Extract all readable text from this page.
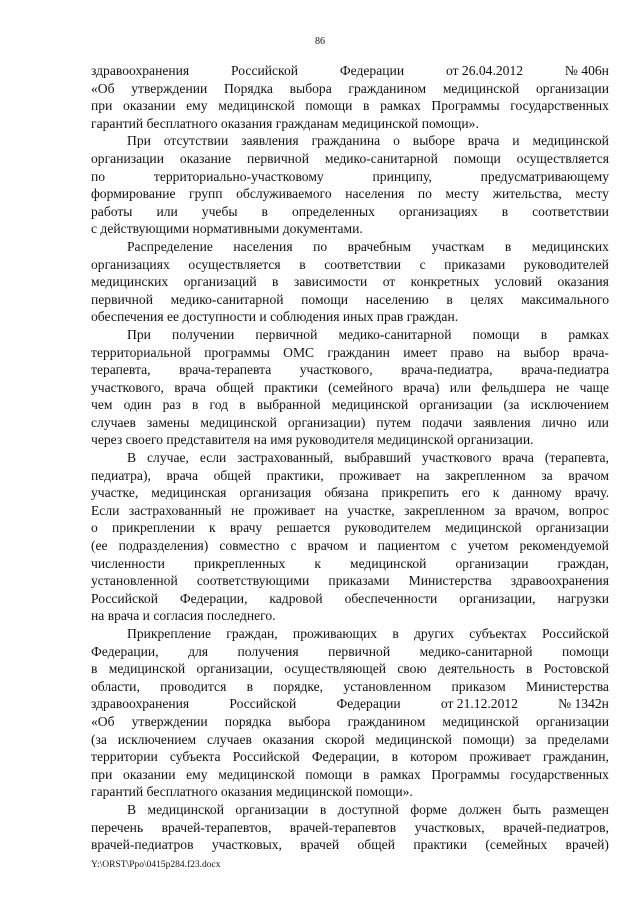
86
здравоохранения	Российской	Федерации	от 26.04.2012	№ 406н
«Об утверждении Порядка выбора гражданином медицинской организации
при оказании ему медицинской помощи в рамках Программы государственных
гарантий бесплатного оказания гражданам медицинской помощи».
При отсутствии заявления гражданина о выборе врача и медицинской
организации оказание первичной медико-санитарной помощи осуществляется
по	территориально-участковому	принципу,	предусматривающему
формирование групп обслуживаемого населения по месту жительства, месту
работы или учебы в определенных организациях в соответствии
с действующими нормативными документами.
Распределение населения по врачебным участкам в медицинских
организациях осуществляется в соответствии с приказами руководителей
медицинских организаций в зависимости от конкретных условий оказания
первичной медико-санитарной помощи населению в целях максимального
обеспечения ее доступности и соблюдения иных прав граждан.
При получении первичной медико-санитарной помощи в рамках
территориальной программы ОМС гражданин имеет право на выбор врача-
терапевта, врача-терапевта участкового, врача-педиатра, врача-педиатра
участкового, врача общей практики (семейного врача) или фельдшера не чаще
чем один раз в год в выбранной медицинской организации (за исключением
случаев замены медицинской организации) путем подачи заявления лично или
через своего представителя на имя руководителя медицинской организации.
В случае, если застрахованный, выбравший участкового врача (терапевта,
педиатра), врача общей практики, проживает на закрепленном за врачом
участке, медицинская организация обязана прикрепить его к данному врачу.
Если застрахованный не проживает на участке, закрепленном за врачом, вопрос
о прикреплении к врачу решается руководителем медицинской организации
(ее подразделения) совместно с врачом и пациентом с учетом рекомендуемой
численности прикрепленных к медицинской организации граждан,
установленной соответствующими приказами Министерства здравоохранения
Российской Федерации, кадровой обеспеченности организации, нагрузки
на врача и согласия последнего.
Прикрепление граждан, проживающих в других субъектах Российской
Федерации, для получения первичной медико-санитарной помощи
в медицинской организации, осуществляющей свою деятельность в Ростовской
области, проводится в порядке, установленном приказом Министерства
здравоохранения	Российской	Федерации	от 21.12.2012	№ 1342н
«Об утверждении порядка выбора гражданином медицинской организации
(за исключением случаев оказания скорой медицинской помощи) за пределами
территории субъекта Российской Федерации, в котором проживает гражданин,
при оказании ему медицинской помощи в рамках Программы государственных
гарантий бесплатного оказания медицинской помощи».
В медицинской организации в доступной форме должен быть размещен
перечень врачей-терапевтов, врачей-терапевтов участковых, врачей-педиатров,
врачей-педиатров участковых, врачей общей практики (семейных врачей)
Y:\ORST\Ppo\0415p284.f23.docx
